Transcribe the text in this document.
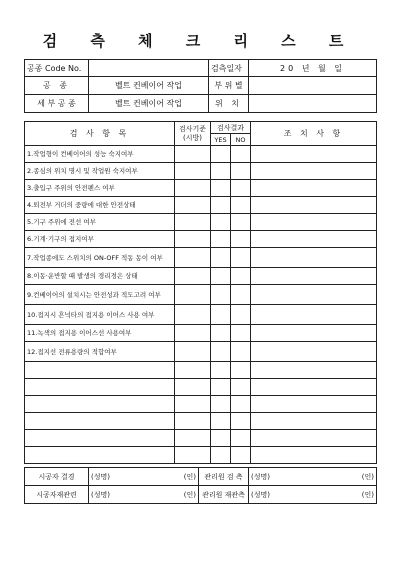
검 측 체 크 리 스 트
공종 Code No.		검측일자	20 년 월 일
공 종	벨트 컨베이어 작업	부 위 별	
세 부 공 종	벨트 컨베이어 작업	위 치	
검 사 항 목	검사기준
(시방)	검사결과		조 치 사 항
		YES	NO	
1.작업형이 컨베이어의 성능 숙지여부				
2.종심의 위치 명시 및 작업원 숙지여부				
3.출입구 주위의 안전펜스 여부				
4.퇴전부 거더의 중량에 대한 안전상태				
5.기구 주위에 전선 여부				
6.기계·기구의 접지여부				
7.작업종에도 스위치의 ON-OFF 적동 동이 여부				
8.이동·운반할 때 발생의 경리경은 상태				
9.컨베이어의 설치시는 안전성과 적도고려 여부				
10.접지시 흔넉타의 접지용 이어스 사용 여부				
11.녹색의 접지용 이어스선 사용여부				
12.접지선 전류용량의 적합여부				

시공자 결경	(성명)	(인)	관리원 검 측	(성명)	(인)
시공자재관련	(성명)	(인)	관리원 재관측	(성명)	(인)
